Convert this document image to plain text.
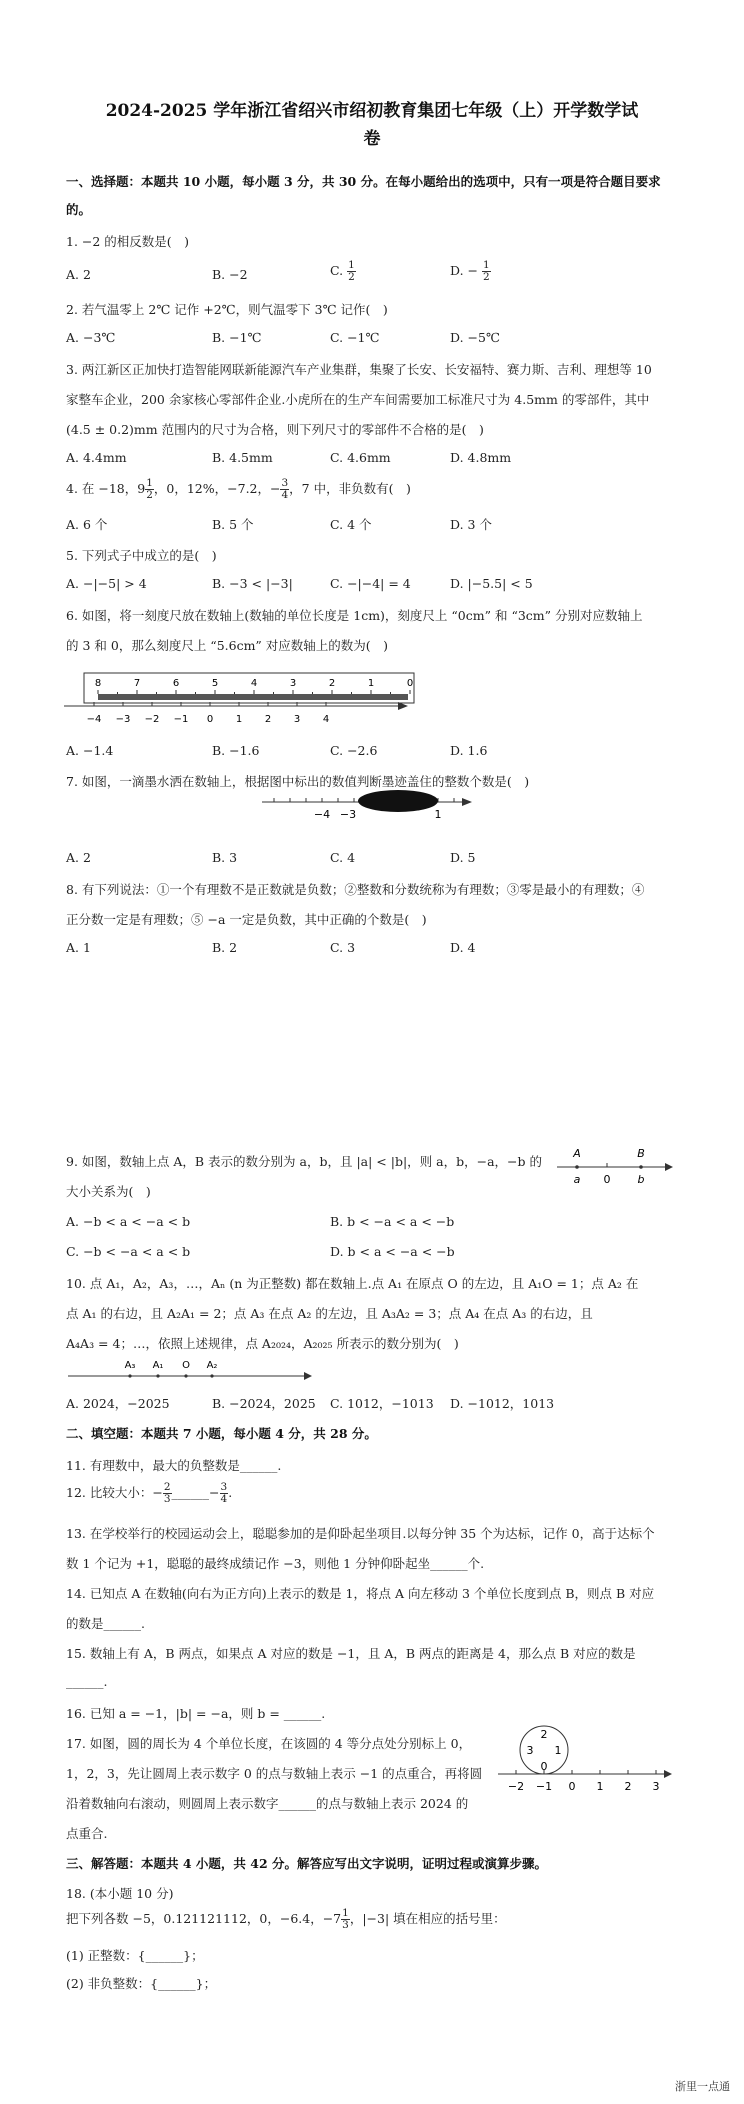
2024-2025 学年浙江省绍兴市绍初教育集团七年级（上）开学数学试
卷
一、选择题：本题共 10 小题，每小题 3 分，共 30 分。在每小题给出的选项中，只有一项是符合题目要求
的。
1. −2 的相反数是(　)
A. 2	B. −2	C. $\frac{1}{2}$	D. − $\frac{1}{2}$
2. 若气温零上 2℃ 记作 +2℃，则气温零下 3℃ 记作(　)
A. −3℃	B. −1℃	C. −1℃	D. −5℃
3. 两江新区正加快打造智能网联新能源汽车产业集群，集聚了长安、长安福特、赛力斯、吉利、理想等 10
家整车企业，200 余家核心零部件企业.小虎所在的生产车间需要加工标准尺寸为 4.5mm 的零部件，其中
(4.5 ± 0.2)mm 范围内的尺寸为合格，则下列尺寸的零部件不合格的是(　)
A. 4.4mm	B. 4.5mm	C. 4.6mm	D. 4.8mm
4. 在 −18，$9 \frac{1}{2}$ ，0，12%，−7.2，− $\frac{3}{4}$ ，7 中，非负数有(　)
A. 6 个	B. 5 个	C. 4 个	D. 3 个
5. 下列式子中成立的是(　)
A. −|−5| > 4	B. −3 < |−3|	C. −|−4| = 4	D. |−5.5| < 5
6. 如图，将一刻度尺放在数轴上(数轴的单位长度是 1cm)，刻度尺上 “0cm” 和 “3cm” 分别对应数轴上
的 3 和 0，那么刻度尺上 “5.6cm” 对应数轴上的数为(　)
8	7	6	5	4	3	2	1	0
−4 −3 −2 −1 0 1 2 3 4
A. −1.4	B. −1.6	C. −2.6	D. 1.6
7. 如图，一滴墨水洒在数轴上，根据图中标出的数值判断墨迹盖住的整数个数是(　)
−4 −3	1
A. 2	B. 3	C. 4	D. 5
8. 有下列说法：①一个有理数不是正数就是负数；②整数和分数统称为有理数；③零是最小的有理数；④
正分数一定是有理数；⑤ −a 一定是负数，其中正确的个数是(　)
A. 1	B. 2	C. 3	D. 4
9. 如图，数轴上点 A，B 表示的数分别为 a，b，且 |a| < |b|，则 a，b，−a，−b 的
大小关系为(　)
A	B
a 0 b
A. −b < a < −a < b	B. b < −a < a < −b
C. −b < −a < a < b	D. b < a < −a < −b
10. 点 A₁，A₂，A₃，…，Aₙ (n 为正整数) 都在数轴上.点 A₁ 在原点 O 的左边，且 A₁O = 1；点 A₂ 在
点 A₁ 的右边，且 A₂A₁ = 2；点 A₃ 在点 A₂ 的左边，且 A₃A₂ = 3；点 A₄ 在点 A₃ 的右边，且
A₄A₃ = 4；…，依照上述规律，点 A₂₀₂₄，A₂₀₂₅ 所表示的数分别为(　)
A₃ A₁ O A₂
A. 2024，−2025	B. −2024，2025 C. 1012，−1013 D. −1012，1013
二、填空题：本题共 7 小题，每小题 4 分，共 28 分。
11. 有理数中，最大的负整数是______.
12. 比较大小：− $\frac{2}{3}$ ______− $\frac{3}{4}$ .
13. 在学校举行的校园运动会上，聪聪参加的是仰卧起坐项目.以每分钟 35 个为达标，记作 0，高于达标个
数 1 个记为 +1，聪聪的最终成绩记作 −3，则他 1 分钟仰卧起坐______个.
14. 已知点 A 在数轴(向右为正方向)上表示的数是 1，将点 A 向左移动 3 个单位长度到点 B，则点 B 对应
的数是______.
15. 数轴上有 A，B 两点，如果点 A 对应的数是 −1，且 A，B 两点的距离是 4，那么点 B 对应的数是
______.
16. 已知 a = −1，|b| = −a，则 b = ______.
17. 如图，圆的周长为 4 个单位长度，在该圆的 4 等分点处分别标上 0，
1，2，3，先让圆周上表示数字 0 的点与数轴上表示 −1 的点重合，再将圆
沿着数轴向右滚动，则圆周上表示数字______的点与数轴上表示 2024 的
点重合.
2
3 1
0
−2 −1 0 1 2 3
三、解答题：本题共 4 小题，共 42 分。解答应写出文字说明，证明过程或演算步骤。
18. (本小题 10 分)
把下列各数 −5，0.121121112，0，−6.4，$-7 \frac{1}{3}$ ，|−3| 填在相应的括号里：
(1) 正整数：{______}；
(2) 非负整数：{______}；
浙里一点通
